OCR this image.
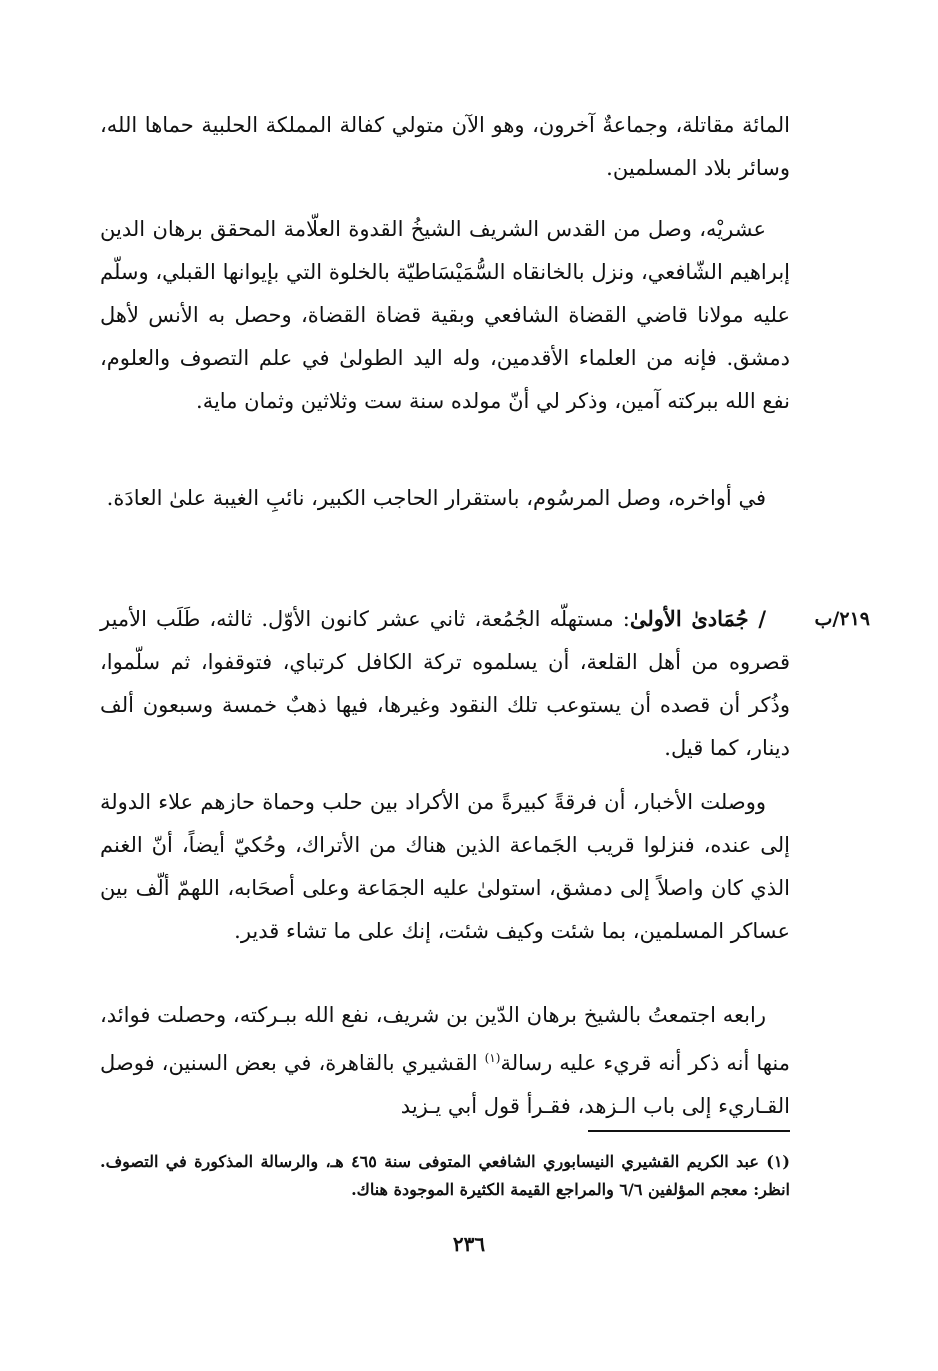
المائة مقاتلة، وجماعةٌ آخرون، وهو الآن متولي كفالة المملكة الحلبية حماها الله، وسائر بلاد المسلمين.

عشريْه، وصل من القدس الشريف الشيخُ القدوة العلّامة المحقق برهان الدين إبراهيم الشّافعي، ونزل بالخانقاه السُّمَيْسَاطيّة بالخلوة التي بإيوانها القبلي، وسلّم عليه مولانا قاضي القضاة الشافعي وبقية قضاة القضاة، وحصل به الأنس لأهل دمشق. فإنه من العلماء الأقدمين، وله اليد الطولىٰ في علم التصوف والعلوم، نفع الله ببركته آمين، وذكر لي أنّ مولده سنة ست وثلاثين وثمان ماية.

في أواخره، وصل المرسُوم، باستقرار الحاجب الكبير، نائبِ الغيبة علىٰ العادَة.

٢١٩/ب

/ جُمَادىٰ الأولىٰ: مستهلّه الجُمُعة، ثاني عشر كانون الأوّل. ثالثه، طَلَب الأمير قصروه من أهل القلعة، أن يسلموه تركة الكافل كرتباي، فتوقفوا، ثم سلّموا، وذُكر أن قصده أن يستوعب تلك النقود وغيرها، فيها ذهبٌ خمسة وسبعون ألف دينار، كما قيل.

ووصلت الأخبار، أن فرقةً كبيرةً من الأكراد بين حلب وحماة حازهم علاء الدولة إلى عنده، فنزلوا قريب الجَماعة الذين هناك من الأتراك، وحُكيّ أيضاً، أنّ الغنم الذي كان واصلاً إلى دمشق، استولىٰ عليه الجمَاعة وعلى أصحَابه، اللهمّ ألّف بين عساكر المسلمين، بما شئت وكيف شئت، إنك على ما تشاء قدير.

رابعه اجتمعتُ بالشيخ برهان الدّين بن شريف، نفع الله ببـركته، وحصلت فوائد، منها أنه ذكر أنه قريء عليه رسالة$^{(١)}$ القشيري بالقاهرة، في بعض السنين، فوصل القـاريء إلى باب الـزهد، فقـرأ قول أبي يـزيد

(١) عبد الكريم القشيري النيسابوري الشافعي المتوفى سنة ٤٦٥ هـ، والرسالة المذكورة في التصوف. انظر: معجم المؤلفين ٦/٦ والمراجع القيمة الكثيرة الموجودة هناك.
٢٣٦
